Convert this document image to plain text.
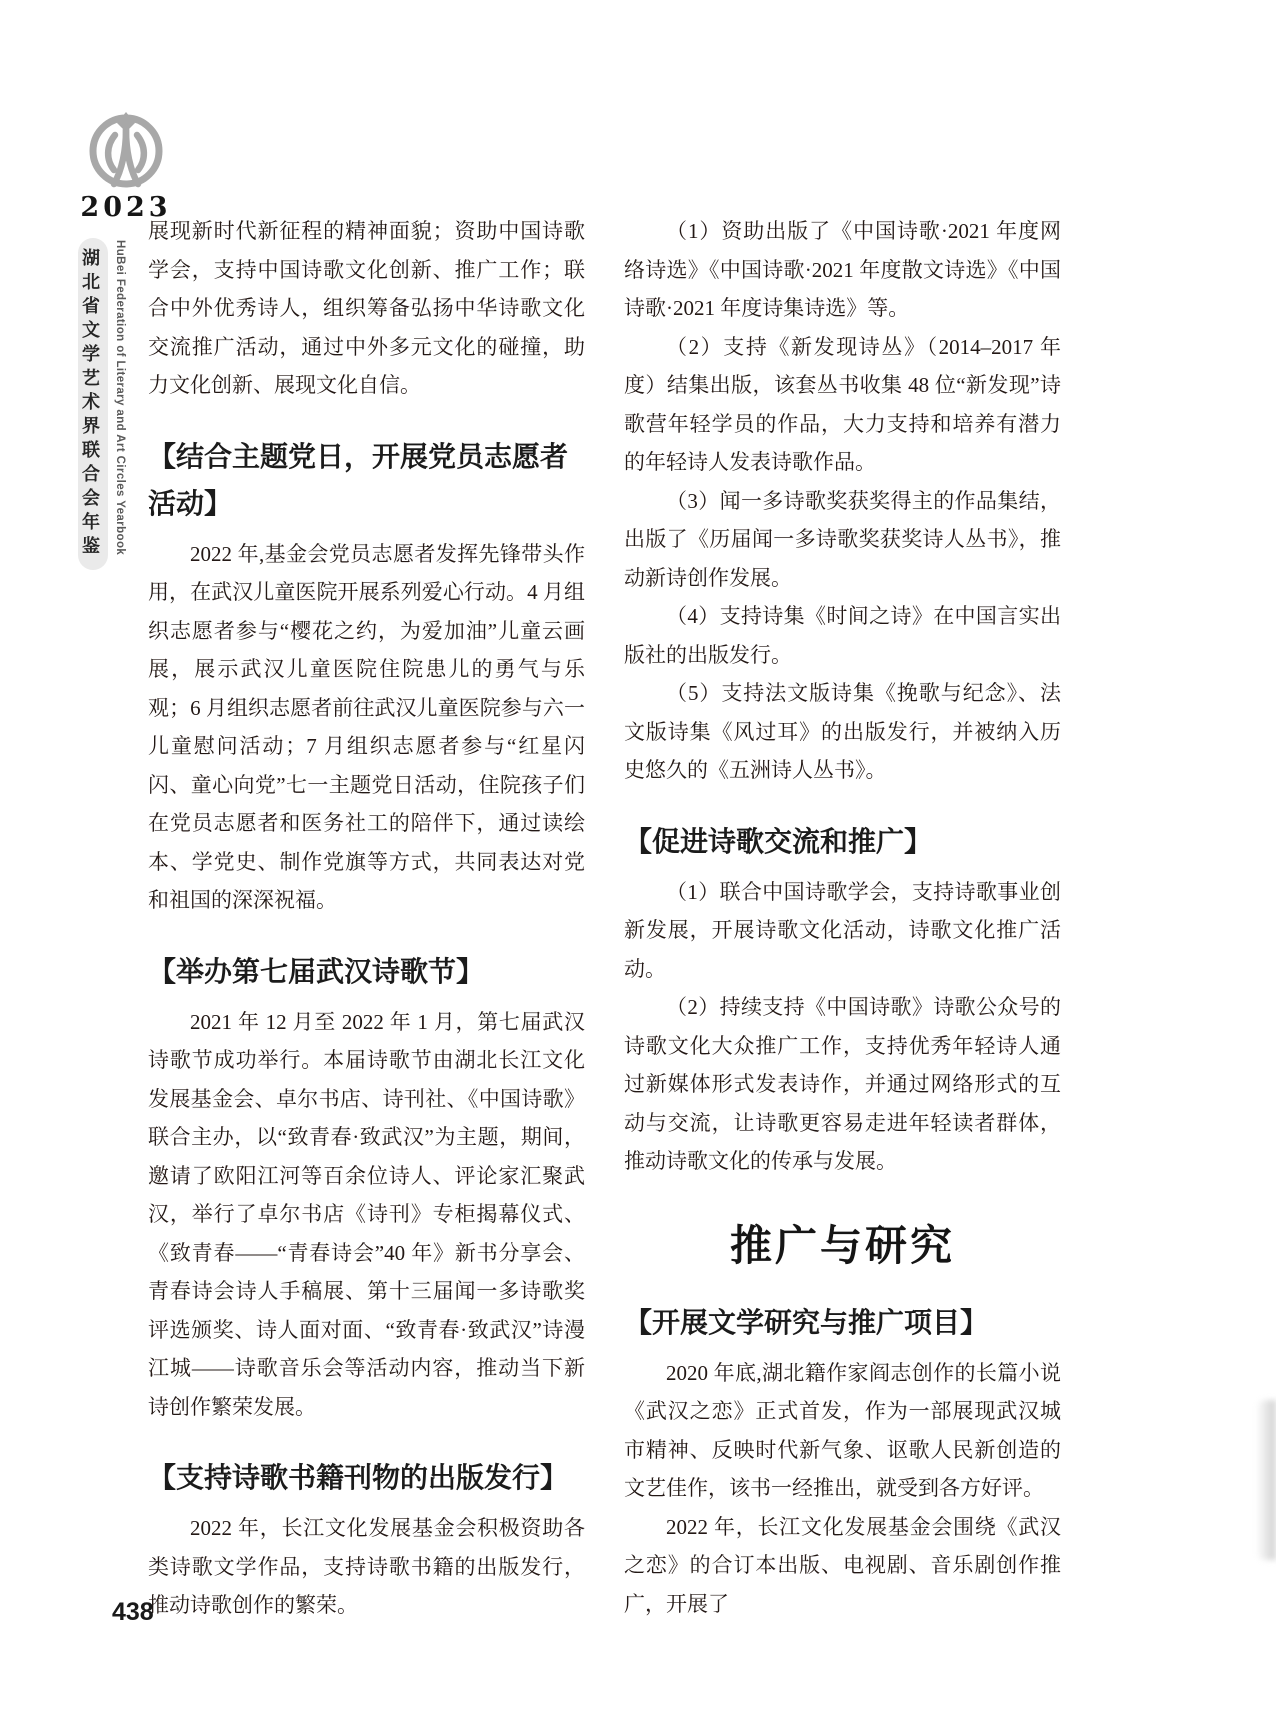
2023
湖北省文学艺术界联合会年鉴	HuBei Federation of Literary and Art Circles Yearbook

展现新时代新征程的精神面貌；资助中国诗歌学会，支持中国诗歌文化创新、推广工作；联合中外优秀诗人，组织筹备弘扬中华诗歌文化交流推广活动，通过中外多元文化的碰撞，助力文化创新、展现文化自信。

【结合主题党日，开展党员志愿者活动】

2022 年,基金会党员志愿者发挥先锋带头作用，在武汉儿童医院开展系列爱心行动。4 月组织志愿者参与“樱花之约，为爱加油”儿童云画展，展示武汉儿童医院住院患儿的勇气与乐观；6 月组织志愿者前往武汉儿童医院参与六一儿童慰问活动；7 月组织志愿者参与“红星闪闪、童心向党”七一主题党日活动，住院孩子们在党员志愿者和医务社工的陪伴下，通过读绘本、学党史、制作党旗等方式，共同表达对党和祖国的深深祝福。

【举办第七届武汉诗歌节】

2021 年 12 月至 2022 年 1 月，第七届武汉诗歌节成功举行。本届诗歌节由湖北长江文化发展基金会、卓尔书店、诗刊社、《中国诗歌》联合主办，以“致青春·致武汉”为主题，期间，邀请了欧阳江河等百余位诗人、评论家汇聚武汉，举行了卓尔书店《诗刊》专柜揭幕仪式、《致青春——“青春诗会”40 年》新书分享会、青春诗会诗人手稿展、第十三届闻一多诗歌奖评选颁奖、诗人面对面、“致青春·致武汉”诗漫江城——诗歌音乐会等活动内容，推动当下新诗创作繁荣发展。

【支持诗歌书籍刊物的出版发行】

2022 年，长江文化发展基金会积极资助各类诗歌文学作品，支持诗歌书籍的出版发行，推动诗歌创作的繁荣。

（1）资助出版了《中国诗歌·2021 年度网络诗选》《中国诗歌·2021 年度散文诗选》《中国诗歌·2021 年度诗集诗选》等。

（2）支持《新发现诗丛》（2014–2017 年度）结集出版，该套丛书收集 48 位“新发现”诗歌营年轻学员的作品，大力支持和培养有潜力的年轻诗人发表诗歌作品。

（3）闻一多诗歌奖获奖得主的作品集结，出版了《历届闻一多诗歌奖获奖诗人丛书》，推动新诗创作发展。

（4）支持诗集《时间之诗》在中国言实出版社的出版发行。

（5）支持法文版诗集《挽歌与纪念》、法文版诗集《风过耳》的出版发行，并被纳入历史悠久的《五洲诗人丛书》。

【促进诗歌交流和推广】

（1）联合中国诗歌学会，支持诗歌事业创新发展，开展诗歌文化活动，诗歌文化推广活动。

（2）持续支持《中国诗歌》诗歌公众号的诗歌文化大众推广工作，支持优秀年轻诗人通过新媒体形式发表诗作，并通过网络形式的互动与交流，让诗歌更容易走进年轻读者群体，推动诗歌文化的传承与发展。

推广与研究
【开展文学研究与推广项目】

2020 年底,湖北籍作家阎志创作的长篇小说《武汉之恋》正式首发，作为一部展现武汉城市精神、反映时代新气象、讴歌人民新创造的文艺佳作，该书一经推出，就受到各方好评。

2022 年，长江文化发展基金会围绕《武汉之恋》的合订本出版、电视剧、音乐剧创作推广，开展了

438
